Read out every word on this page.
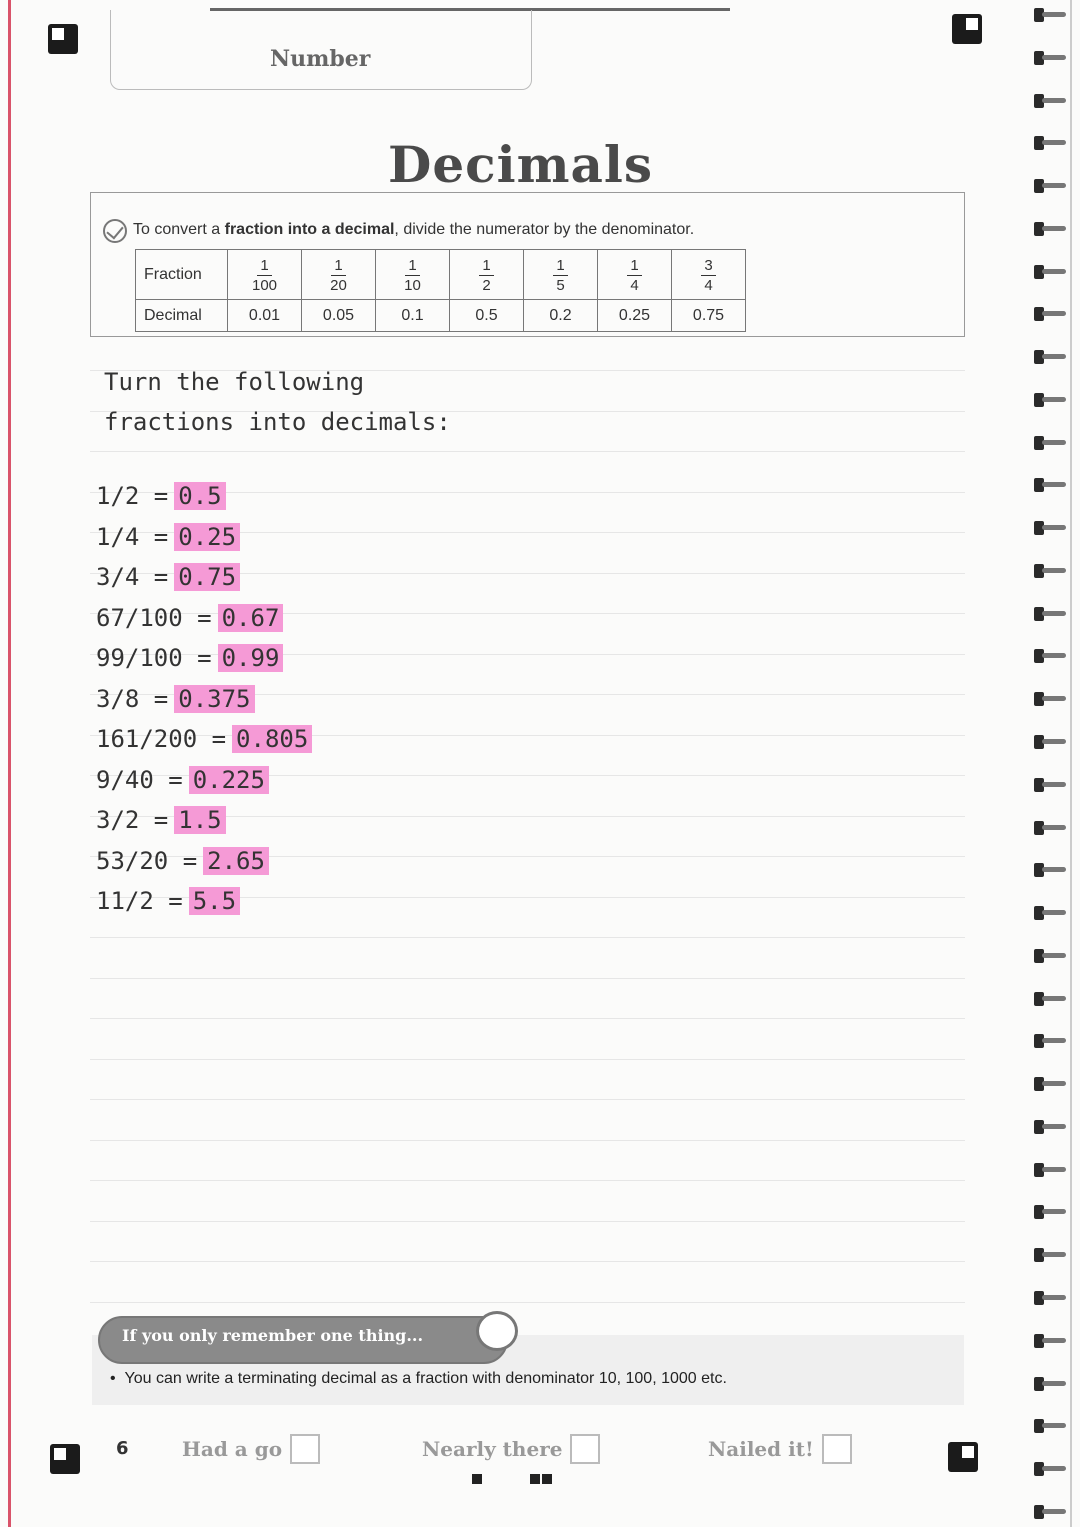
Number
Decimals
To convert a fraction into a decimal, divide the numerator by the denominator.
Fraction	$\frac{1}{100}$	$\frac{1}{20}$	$\frac{1}{10}$	$\frac{1}{2}$	$\frac{1}{5}$	$\frac{1}{4}$	$\frac{3}{4}$

Decimal	0.01	0.05	0.1	0.5	0.2	0.25	0.75
Turn the following
fractions into decimals:
1/2 = 0.5
1/4 = 0.25
3/4 = 0.75
67/100 = 0.67
99/100 = 0.99
3/8 = 0.375
161/200 = 0.805
9/40 = 0.225
3/2 = 1.5
53/20 = 2.65
11/2 = 5.5
If you only remember one thing...
•  You can write a terminating decimal as a fraction with denominator 10, 100, 1000 etc.
6	Had a go	Nearly there	Nailed it!
